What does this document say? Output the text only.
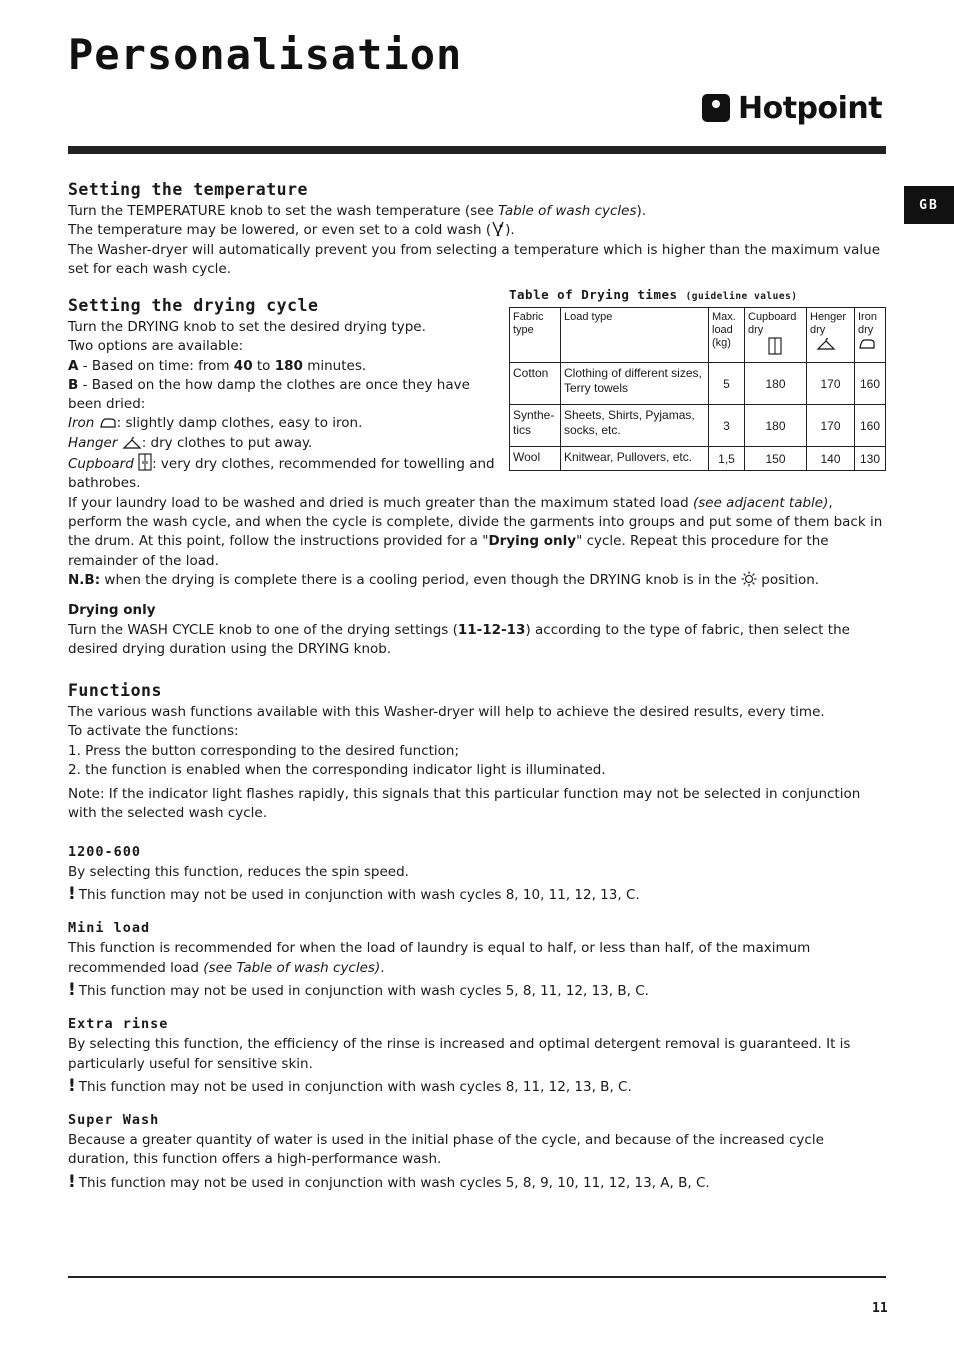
Personalisation
Hotpoint
GB
Setting the temperature

Turn the TEMPERATURE knob to set the wash temperature (see Table of wash cycles).

The temperature may be lowered, or even set to a cold wash ( ).

The Washer-dryer will automatically prevent you from selecting a temperature which is higher than the maximum value set for each wash cycle.

Setting the drying cycle

Turn the DRYING knob to set the desired drying type.

Two options are available:

A - Based on time: from 40 to 180 minutes.

B - Based on the how damp the clothes are once they have been dried:

Iron : slightly damp clothes, easy to iron.

Hanger : dry clothes to put away.

Cupboard : very dry clothes, recommended for towelling and bathrobes.

If your laundry load to be washed and dried is much greater than the maximum stated load (see adjacent table), perform the wash cycle, and when the cycle is complete, divide the garments into groups and put some of them back in the drum. At this point, follow the instructions provided for a "Drying only" cycle. Repeat this procedure for the remainder of the load.

N.B: when the drying is complete there is a cooling period, even though the DRYING knob is in the  position.

Drying only

Turn the WASH CYCLE knob to one of the drying settings (11-12-13) according to the type of fabric, then select the desired drying duration using the DRYING knob.

Table of Drying times (guideline values)
Fabric type	Load type	Max. load (kg)	Cupboard dry	Henger dry	Iron dry

Cotton	Clothing of different sizes, Terry towels	5	180	170	160
Synthe-tics	Sheets, Shirts, Pyjamas, socks, etc.	3	180	170	160
Wool	Knitwear, Pullovers, etc.	1,5	150	140	130
Functions

The various wash functions available with this Washer-dryer will help to achieve the desired results, every time.

To activate the functions:

1. Press the button corresponding to the desired function;

2. the function is enabled when the corresponding indicator light is illuminated.

Note: If the indicator light flashes rapidly, this signals that this particular function may not be selected in conjunction with the selected wash cycle.

1200-600

By selecting this function, reduces the spin speed.

! This function may not be used in conjunction with wash cycles 8, 10, 11, 12, 13, C.

Mini load

This function is recommended for when the load of laundry is equal to half, or less than half, of the maximum recommended load (see Table of wash cycles).

! This function may not be used in conjunction with wash cycles 5, 8, 11, 12, 13, B, C.

Extra rinse

By selecting this function, the efficiency of the rinse is increased and optimal detergent removal is guaranteed. It is particularly useful for sensitive skin.

! This function may not be used in conjunction with wash cycles 8, 11, 12, 13, B, C.

Super Wash

Because a greater quantity of water is used in the initial phase of the cycle, and because of the increased cycle duration, this function offers a high-performance wash.

! This function may not be used in conjunction with wash cycles 5, 8, 9, 10, 11, 12, 13, A, B, C.

11
